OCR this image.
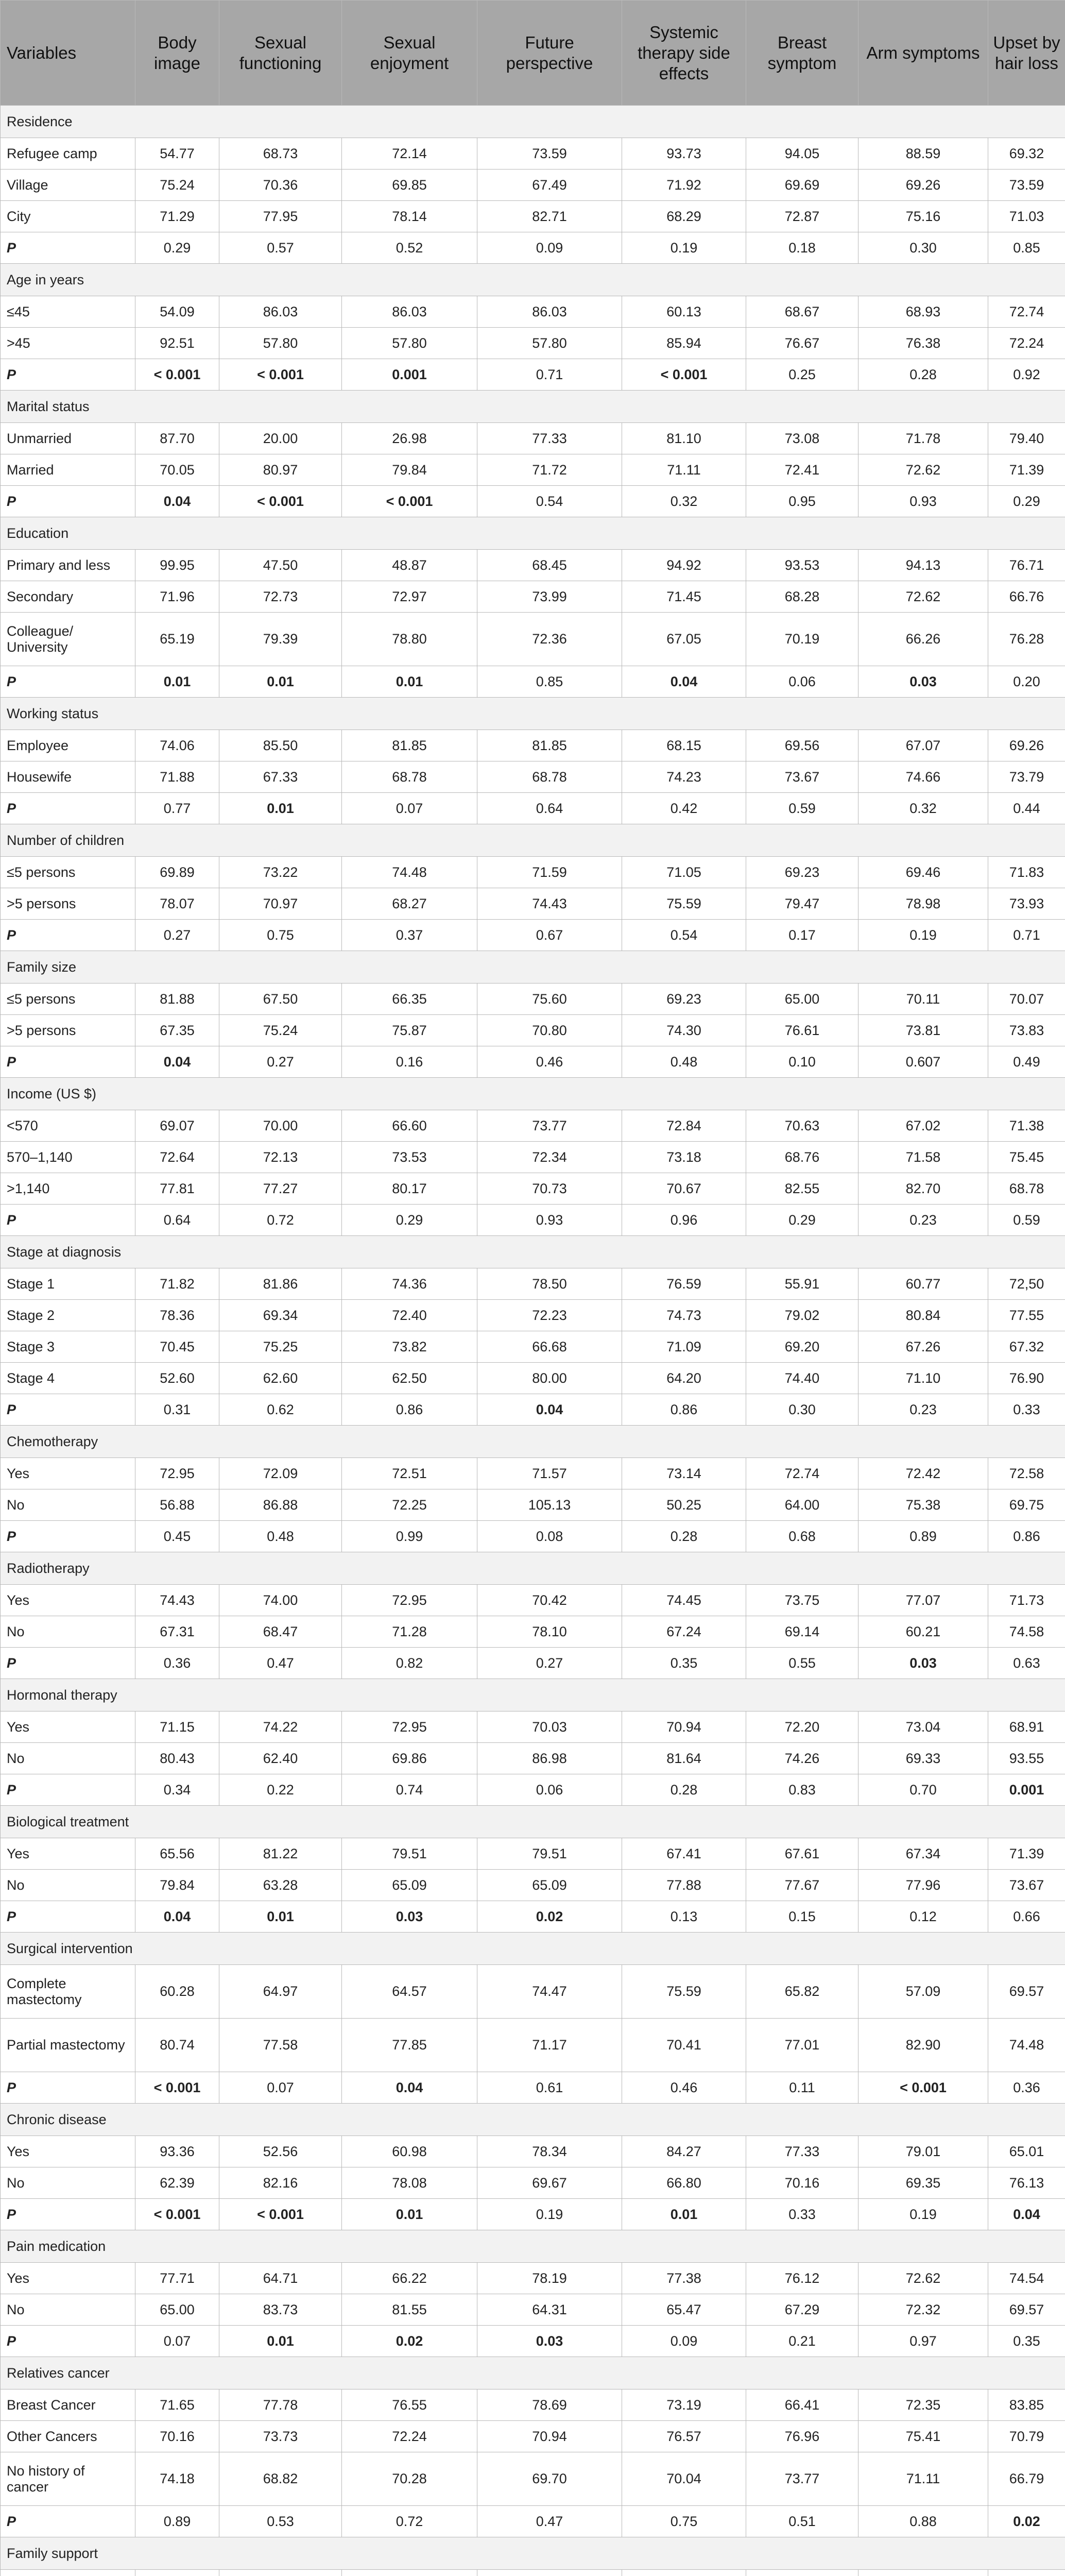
Variables	Body image	Sexual functioning	Sexual enjoyment	Future perspective	Systemic therapy side effects	Breast symptom	Arm symptoms	Upset by hair loss
Residence								
Refugee camp	54.77	68.73	72.14	73.59	93.73	94.05	88.59	69.32
Village	75.24	70.36	69.85	67.49	71.92	69.69	69.26	73.59
City	71.29	77.95	78.14	82.71	68.29	72.87	75.16	71.03
P	0.29	0.57	0.52	0.09	0.19	0.18	0.30	0.85
Age in years								
≤45	54.09	86.03	86.03	86.03	60.13	68.67	68.93	72.74
>45	92.51	57.80	57.80	57.80	85.94	76.67	76.38	72.24
P	< 0.001	< 0.001	0.001	0.71	< 0.001	0.25	0.28	0.92
Marital status								
Unmarried	87.70	20.00	26.98	77.33	81.10	73.08	71.78	79.40
Married	70.05	80.97	79.84	71.72	71.11	72.41	72.62	71.39
P	0.04	< 0.001	< 0.001	0.54	0.32	0.95	0.93	0.29
Education								
Primary and less	99.95	47.50	48.87	68.45	94.92	93.53	94.13	76.71
Secondary	71.96	72.73	72.97	73.99	71.45	68.28	72.62	66.76
Colleague/ University	65.19	79.39	78.80	72.36	67.05	70.19	66.26	76.28
P	0.01	0.01	0.01	0.85	0.04	0.06	0.03	0.20
Working status								
Employee	74.06	85.50	81.85	81.85	68.15	69.56	67.07	69.26
Housewife	71.88	67.33	68.78	68.78	74.23	73.67	74.66	73.79
P	0.77	0.01	0.07	0.64	0.42	0.59	0.32	0.44
Number of children								
≤5 persons	69.89	73.22	74.48	71.59	71.05	69.23	69.46	71.83
>5 persons	78.07	70.97	68.27	74.43	75.59	79.47	78.98	73.93
P	0.27	0.75	0.37	0.67	0.54	0.17	0.19	0.71
Family size								
≤5 persons	81.88	67.50	66.35	75.60	69.23	65.00	70.11	70.07
>5 persons	67.35	75.24	75.87	70.80	74.30	76.61	73.81	73.83
P	0.04	0.27	0.16	0.46	0.48	0.10	0.607	0.49
Income (US $)								
<570	69.07	70.00	66.60	73.77	72.84	70.63	67.02	71.38
570–1,140	72.64	72.13	73.53	72.34	73.18	68.76	71.58	75.45
>1,140	77.81	77.27	80.17	70.73	70.67	82.55	82.70	68.78
P	0.64	0.72	0.29	0.93	0.96	0.29	0.23	0.59
Stage at diagnosis								
Stage 1	71.82	81.86	74.36	78.50	76.59	55.91	60.77	72,50
Stage 2	78.36	69.34	72.40	72.23	74.73	79.02	80.84	77.55
Stage 3	70.45	75.25	73.82	66.68	71.09	69.20	67.26	67.32
Stage 4	52.60	62.60	62.50	80.00	64.20	74.40	71.10	76.90
P	0.31	0.62	0.86	0.04	0.86	0.30	0.23	0.33
Chemotherapy								
Yes	72.95	72.09	72.51	71.57	73.14	72.74	72.42	72.58
No	56.88	86.88	72.25	105.13	50.25	64.00	75.38	69.75
P	0.45	0.48	0.99	0.08	0.28	0.68	0.89	0.86
Radiotherapy								
Yes	74.43	74.00	72.95	70.42	74.45	73.75	77.07	71.73
No	67.31	68.47	71.28	78.10	67.24	69.14	60.21	74.58
P	0.36	0.47	0.82	0.27	0.35	0.55	0.03	0.63
Hormonal therapy								
Yes	71.15	74.22	72.95	70.03	70.94	72.20	73.04	68.91
No	80.43	62.40	69.86	86.98	81.64	74.26	69.33	93.55
P	0.34	0.22	0.74	0.06	0.28	0.83	0.70	0.001
Biological treatment								
Yes	65.56	81.22	79.51	79.51	67.41	67.61	67.34	71.39
No	79.84	63.28	65.09	65.09	77.88	77.67	77.96	73.67
P	0.04	0.01	0.03	0.02	0.13	0.15	0.12	0.66
Surgical intervention								
Complete mastectomy	60.28	64.97	64.57	74.47	75.59	65.82	57.09	69.57
Partial mastectomy	80.74	77.58	77.85	71.17	70.41	77.01	82.90	74.48
P	< 0.001	0.07	0.04	0.61	0.46	0.11	< 0.001	0.36
Chronic disease								
Yes	93.36	52.56	60.98	78.34	84.27	77.33	79.01	65.01
No	62.39	82.16	78.08	69.67	66.80	70.16	69.35	76.13
P	< 0.001	< 0.001	0.01	0.19	0.01	0.33	0.19	0.04
Pain medication								
Yes	77.71	64.71	66.22	78.19	77.38	76.12	72.62	74.54
No	65.00	83.73	81.55	64.31	65.47	67.29	72.32	69.57
P	0.07	0.01	0.02	0.03	0.09	0.21	0.97	0.35
Relatives cancer								
Breast Cancer	71.65	77.78	76.55	78.69	73.19	66.41	72.35	83.85
Other Cancers	70.16	73.73	72.24	70.94	76.57	76.96	75.41	70.79
No history of cancer	74.18	68.82	70.28	69.70	70.04	73.77	71.11	66.79
P	0.89	0.53	0.72	0.47	0.75	0.51	0.88	0.02
Family support								
